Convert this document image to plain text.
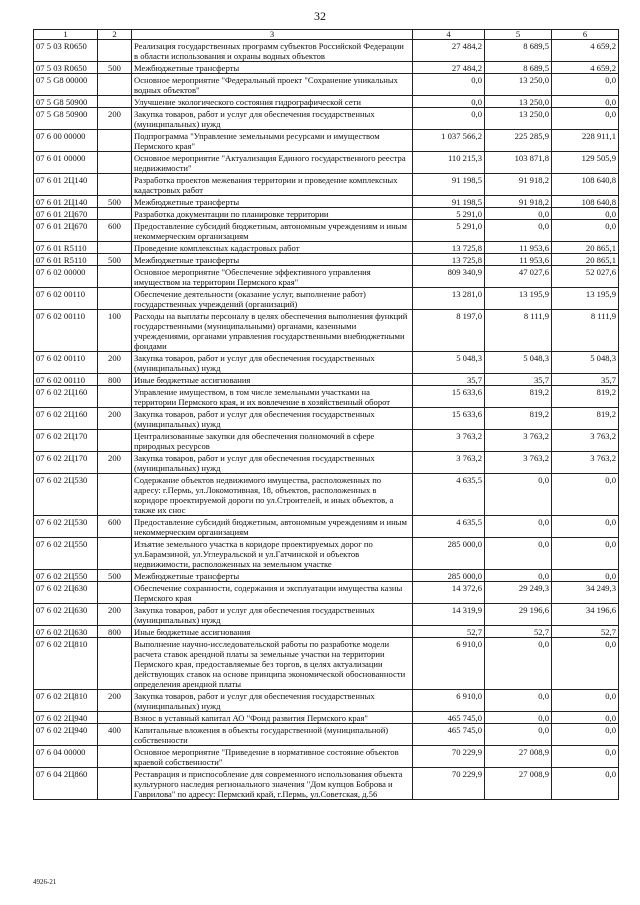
32
1	2	3	4	5	6
07 5 03 R0650		Реализация государственных программ субъектов Российской Федерации в области использования и охраны водных объектов	27 484,2	8 689,5	4 659,2
07 5 03 R0650	500	Межбюджетные трансферты	27 484,2	8 689,5	4 659,2
07 5 G8 00000		Основное мероприятие "Федеральный проект "Сохранение уникальных водных объектов"	0,0	13 250,0	0,0
07 5 G8 50900		Улучшение экологического состояния гидрографической сети	0,0	13 250,0	0,0
07 5 G8 50900	200	Закупка товаров, работ и услуг для обеспечения государственных (муниципальных) нужд	0,0	13 250,0	0,0
07 6 00 00000		Подпрограмма "Управление земельными ресурсами и имуществом Пермского края"	1 037 566,2	225 285,9	228 911,1
07 6 01 00000		Основное мероприятие "Актуализация Единого государственного реестра недвижимости"	110 215,3	103 871,8	129 505,9
07 6 01 2Ц140		Разработка проектов межевания территории и проведение комплексных кадастровых работ	91 198,5	91 918,2	108 640,8
07 6 01 2Ц140	500	Межбюджетные трансферты	91 198,5	91 918,2	108 640,8
07 6 01 2Ц670		Разработка документации по планировке территории	5 291,0	0,0	0,0
07 6 01 2Ц670	600	Предоставление субсидий бюджетным, автономным учреждениям и иным некоммерческим организациям	5 291,0	0,0	0,0
07 6 01 R5110		Проведение комплексных кадастровых работ	13 725,8	11 953,6	20 865,1
07 6 01 R5110	500	Межбюджетные трансферты	13 725,8	11 953,6	20 865,1
07 6 02 00000		Основное мероприятие "Обеспечение эффективного управления имуществом на территории Пермского края"	809 340,9	47 027,6	52 027,6
07 6 02 00110		Обеспечение деятельности (оказание услуг, выполнение работ) государственных учреждений (организаций)	13 281,0	13 195,9	13 195,9
07 6 02 00110	100	Расходы на выплаты персоналу в целях обеспечения выполнения функций государственными (муниципальными) органами, казенными учреждениями, органами управления государственными внебюджетными фондами	8 197,0	8 111,9	8 111,9
07 6 02 00110	200	Закупка товаров, работ и услуг для обеспечения государственных (муниципальных) нужд	5 048,3	5 048,3	5 048,3
07 6 02 00110	800	Иные бюджетные ассигнования	35,7	35,7	35,7
07 6 02 2Ц160		Управление имуществом, в том числе земельными участками на территории Пермского края, и их вовлечение в хозяйственный оборот	15 633,6	819,2	819,2
07 6 02 2Ц160	200	Закупка товаров, работ и услуг для обеспечения государственных (муниципальных) нужд	15 633,6	819,2	819,2
07 6 02 2Ц170		Централизованные закупки для обеспечения полномочий в сфере природных ресурсов	3 763,2	3 763,2	3 763,2
07 6 02 2Ц170	200	Закупка товаров, работ и услуг для обеспечения государственных (муниципальных) нужд	3 763,2	3 763,2	3 763,2
07 6 02 2Ц530		Содержание объектов недвижимого имущества, расположенных по адресу: г.Пермь, ул.Локомотивная, 18, объектов, расположенных в коридоре проектируемой дороги по ул.Строителей, и иных объектов, а также их снос	4 635,5	0,0	0,0
07 6 02 2Ц530	600	Предоставление субсидий бюджетным, автономным учреждениям и иным некоммерческим организациям	4 635,5	0,0	0,0
07 6 02 2Ц550		Изъятие земельного участка в коридоре проектируемых дорог по ул.Барамзиной, ул.Углеуральской и ул.Гатчинской и объектов недвижимости, расположенных на земельном участке	285 000,0	0,0	0,0
07 6 02 2Ц550	500	Межбюджетные трансферты	285 000,0	0,0	0,0
07 6 02 2Ц630		Обеспечение сохранности, содержания и эксплуатации имущества казны Пермского края	14 372,6	29 249,3	34 249,3
07 6 02 2Ц630	200	Закупка товаров, работ и услуг для обеспечения государственных (муниципальных) нужд	14 319,9	29 196,6	34 196,6
07 6 02 2Ц630	800	Иные бюджетные ассигнования	52,7	52,7	52,7
07 6 02 2Ц810		Выполнение научно-исследовательской работы по разработке модели расчета ставок арендной платы за земельные участки на территории Пермского края, предоставляемые без торгов, в целях актуализации действующих ставок на основе принципа экономической обоснованности определения арендной платы	6 910,0	0,0	0,0
07 6 02 2Ц810	200	Закупка товаров, работ и услуг для обеспечения государственных (муниципальных) нужд	6 910,0	0,0	0,0
07 6 02 2Ц940		Взнос в уставный капитал АО "Фонд развития Пермского края"	465 745,0	0,0	0,0
07 6 02 2Ц940	400	Капитальные вложения в объекты государственной (муниципальной) собственности	465 745,0	0,0	0,0
07 6 04 00000		Основное мероприятие "Приведение в нормативное состояние объектов краевой собственности"	70 229,9	27 008,9	0,0
07 6 04 2Ц860		Реставрация и приспособление для современного использования объекта культурного наследия регионального значения "Дом купцов Боброва и Гаврилова" по адресу: Пермский край, г.Пермь, ул.Советская, д.56	70 229,9	27 008,9	0,0
4926-21
